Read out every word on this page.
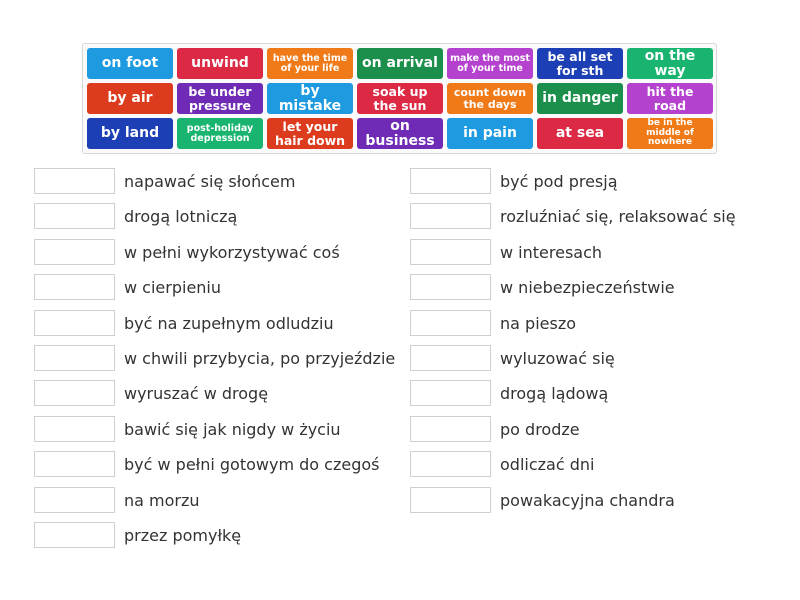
on foot	unwind	have the time of your life	on arrival	make the most of your time
be all set for sth
on the way
by air	be under pressure
by mistake
soak up the sun
count down the days	in danger	hit the road
by land	post-holiday depression
let your hair down
on business	in pain	at sea
be in the middle of nowhere
napawać się słońcem
drogą lotniczą
w pełni wykorzystywać coś
w cierpieniu
być na zupełnym odludziu
w chwili przybycia, po przyjeździe
wyruszać w drogę
bawić się jak nigdy w życiu
być w pełni gotowym do czegoś
na morzu
przez pomyłkę
być pod presją
rozluźniać się, relaksować się
w interesach
w niebezpieczeństwie
na pieszo
wyluzować się
drogą lądową
po drodze
odliczać dni
powakacyjna chandra
